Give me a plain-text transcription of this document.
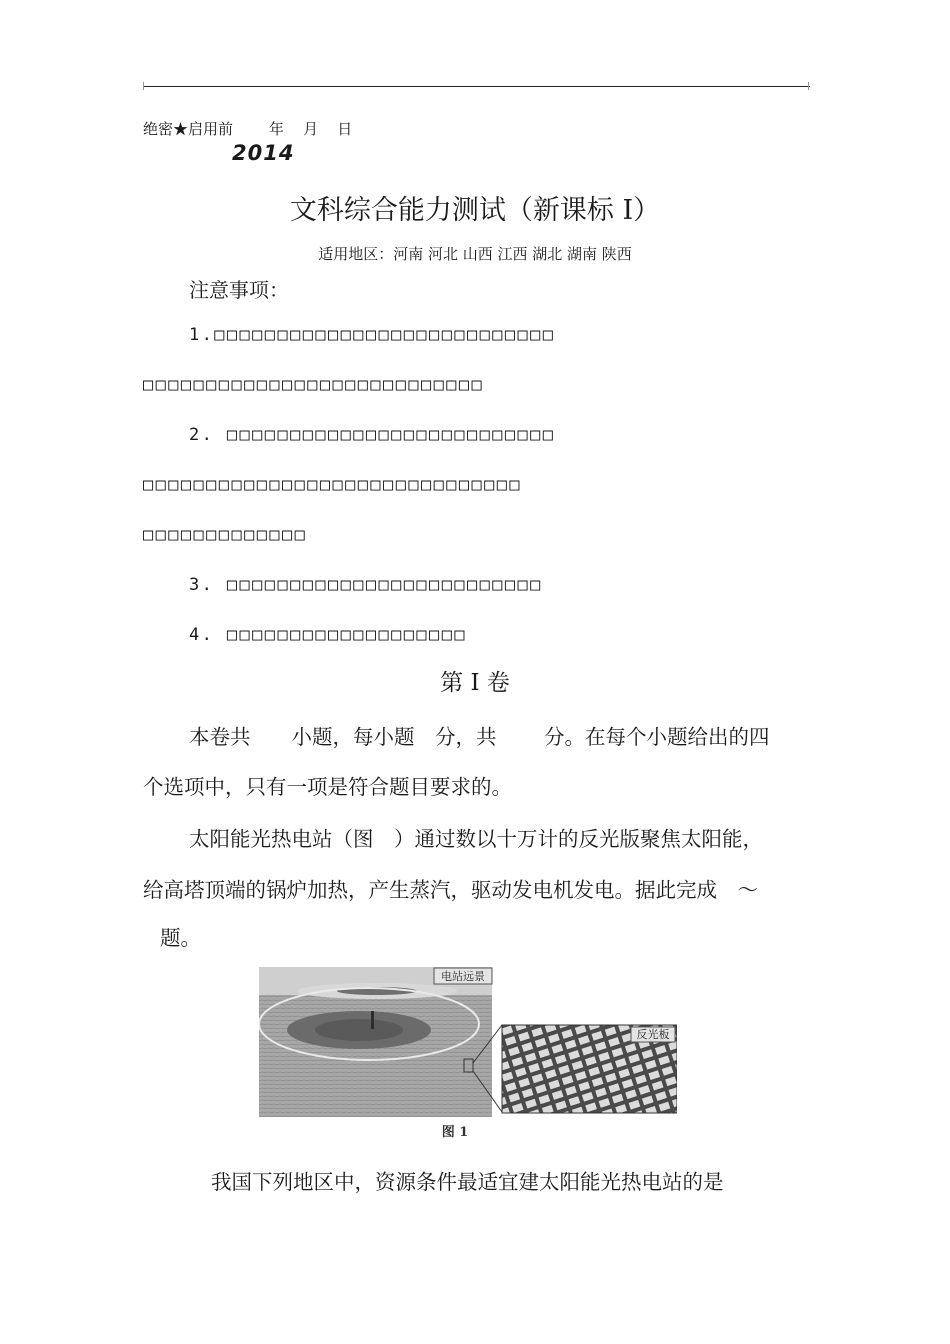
绝密★启用前 年 月 日
2014
文科综合能力测试（新课标 I）
适用地区：河南 河北 山西 江西 湖北 湖南 陕西
注意事项：
1.□□□□□□□□□□□□□□□□□□□□□□□□□□□
□□□□□□□□□□□□□□□□□□□□□□□□□□□
2. □□□□□□□□□□□□□□□□□□□□□□□□□□
□□□□□□□□□□□□□□□□□□□□□□□□□□□□□□
□□□□□□□□□□□□□
3. □□□□□□□□□□□□□□□□□□□□□□□□□
4. □□□□□□□□□□□□□□□□□□□
第 I 卷
本卷共　　小题，每小题　分，共　　 分。在每个小题给出的四
个选项中，只有一项是符合题目要求的。
太阳能光热电站（图　）通过数以十万计的反光版聚焦太阳能，
给高塔顶端的锅炉加热，产生蒸汽，驱动发电机发电。据此完成　～
题。
电站远景
反光板
图 1
我国下列地区中，资源条件最适宜建太阳能光热电站的是
